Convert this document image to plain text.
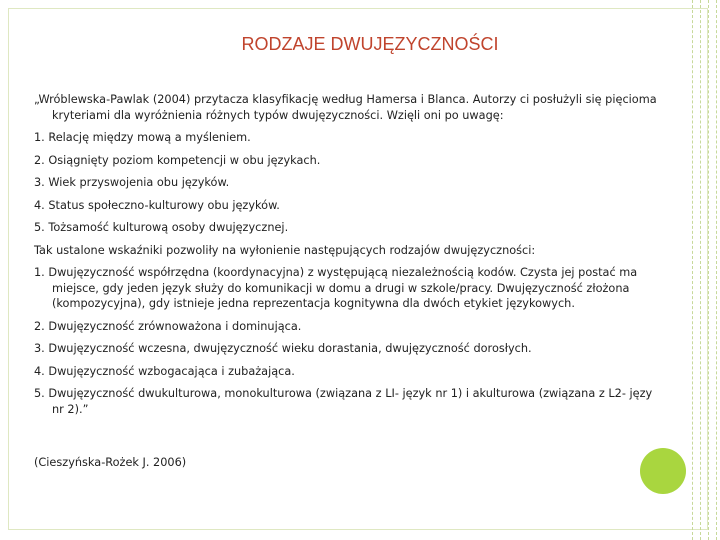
RODZAJE DWUJĘZYCZNOŚCI

„Wróblewska-Pawlak (2004) przytacza klasyfikację według Hamersa i Blanca. Autorzy ci posłużyli się pięcioma kryteriami dla wyróżnienia różnych typów dwujęzyczności. Wzięli oni po uwagę:

1. Relację między mową a myśleniem.

2. Osiągnięty poziom kompetencji w obu językach.

3. Wiek przyswojenia obu języków.

4. Status społeczno-kulturowy obu języków.

5. Tożsamość kulturową osoby dwujęzycznej.

Tak ustalone wskaźniki pozwoliły na wyłonienie następujących rodzajów dwujęzyczności:

1. Dwujęzyczność współrzędna (koordynacyjna) z występującą niezależnością kodów. Czysta jej postać ma miejsce, gdy jeden język służy do komunikacji w domu a drugi w szkole/pracy. Dwujęzyczność złożona (kompozycyjna), gdy istnieje jedna reprezentacja kognitywna dla dwóch etykiet językowych.

2. Dwujęzyczność zrównoważona i dominująca.

3. Dwujęzyczność wczesna, dwujęzyczność wieku dorastania, dwujęzyczność dorosłych.

4. Dwujęzyczność wzbogacająca i zubażająca.

5. Dwujęzyczność dwukulturowa, monokulturowa (związana z LI- język nr 1) i akulturowa (związana z L2- języ nr 2).”

(Cieszyńska-Rożek J. 2006)
